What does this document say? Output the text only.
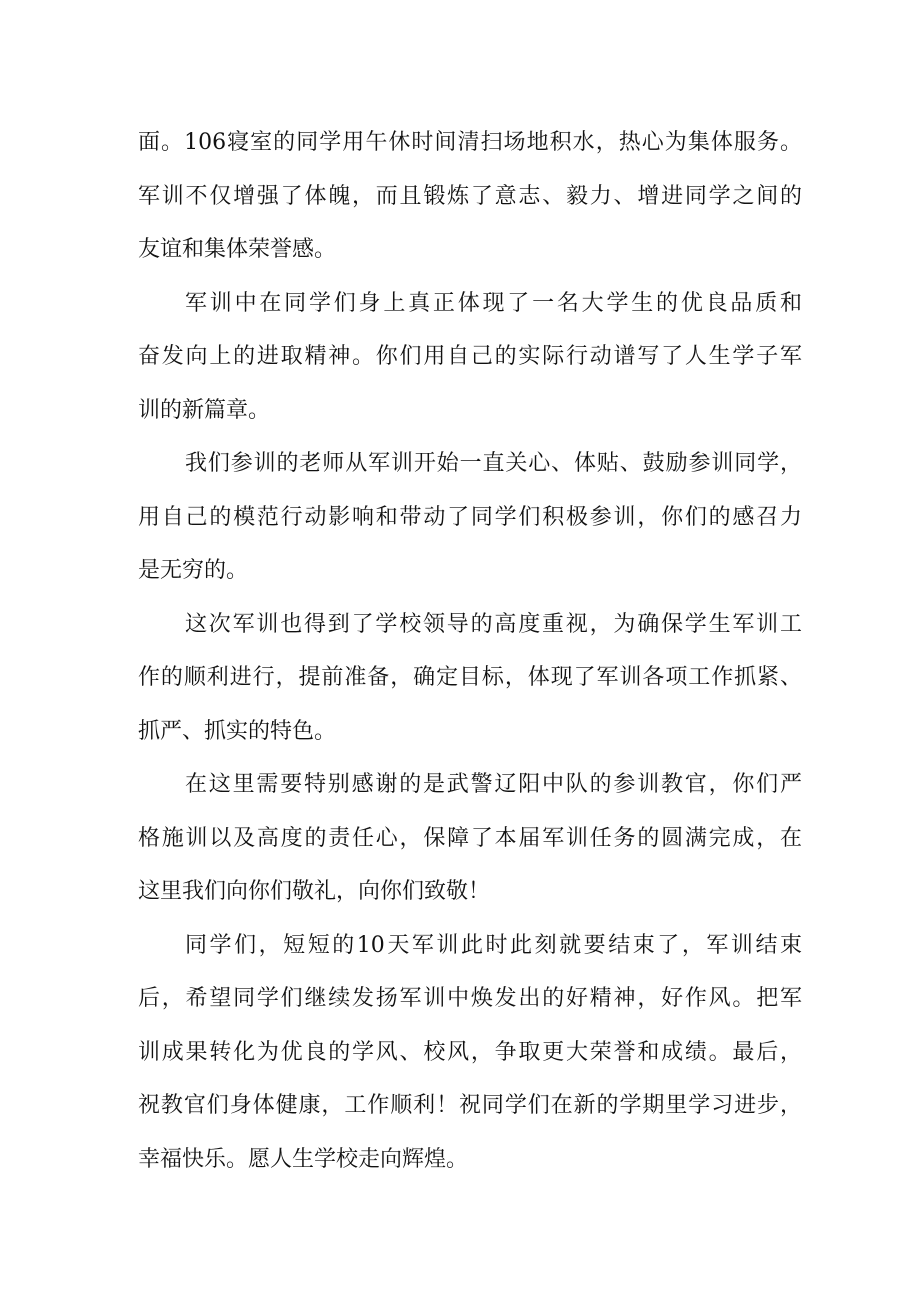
面。106寝室的同学用午休时间清扫场地积水，热心为集体服务。
军训不仅增强了体魄，而且锻炼了意志、毅力、增进同学之间的
友谊和集体荣誉感。
军训中在同学们身上真正体现了一名大学生的优良品质和
奋发向上的进取精神。你们用自己的实际行动谱写了人生学子军
训的新篇章。
我们参训的老师从军训开始一直关心、体贴、鼓励参训同学，
用自己的模范行动影响和带动了同学们积极参训，你们的感召力
是无穷的。
这次军训也得到了学校领导的高度重视，为确保学生军训工
作的顺利进行，提前准备，确定目标，体现了军训各项工作抓紧、
抓严、抓实的特色。
在这里需要特别感谢的是武警辽阳中队的参训教官，你们严
格施训以及高度的责任心，保障了本届军训任务的圆满完成，在
这里我们向你们敬礼，向你们致敬！
同学们，短短的10天军训此时此刻就要结束了，军训结束
后，希望同学们继续发扬军训中焕发出的好精神，好作风。把军
训成果转化为优良的学风、校风，争取更大荣誉和成绩。最后，
祝教官们身体健康，工作顺利！祝同学们在新的学期里学习进步，
幸福快乐。愿人生学校走向辉煌。
